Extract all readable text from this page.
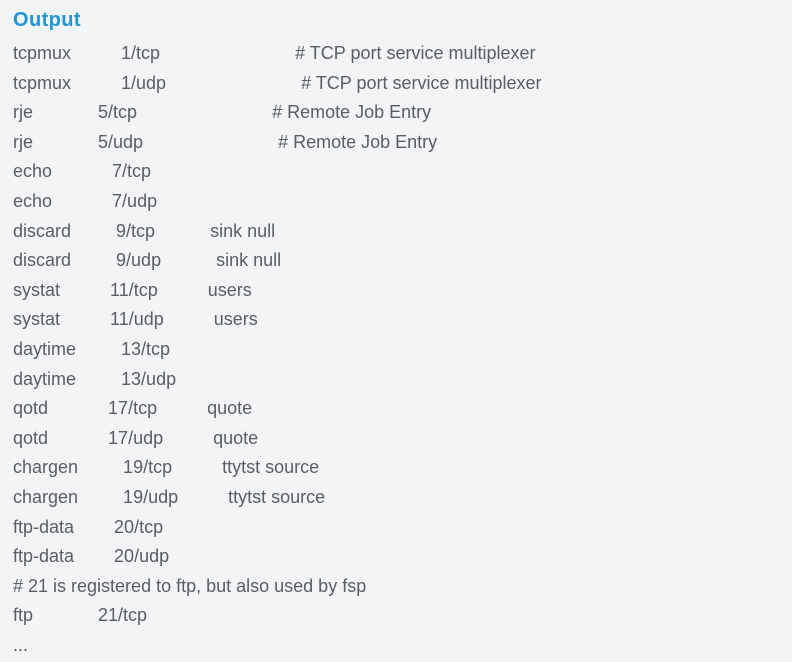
Output
tcpmux          1/tcp                           # TCP port service multiplexer
tcpmux          1/udp                           # TCP port service multiplexer
rje             5/tcp                           # Remote Job Entry
rje             5/udp                           # Remote Job Entry
echo            7/tcp
echo            7/udp
discard         9/tcp           sink null
discard         9/udp           sink null
systat          11/tcp          users
systat          11/udp          users
daytime         13/tcp
daytime         13/udp
qotd            17/tcp          quote
qotd            17/udp          quote
chargen         19/tcp          ttytst source
chargen         19/udp          ttytst source
ftp-data        20/tcp
ftp-data        20/udp
# 21 is registered to ftp, but also used by fsp
ftp             21/tcp
...
